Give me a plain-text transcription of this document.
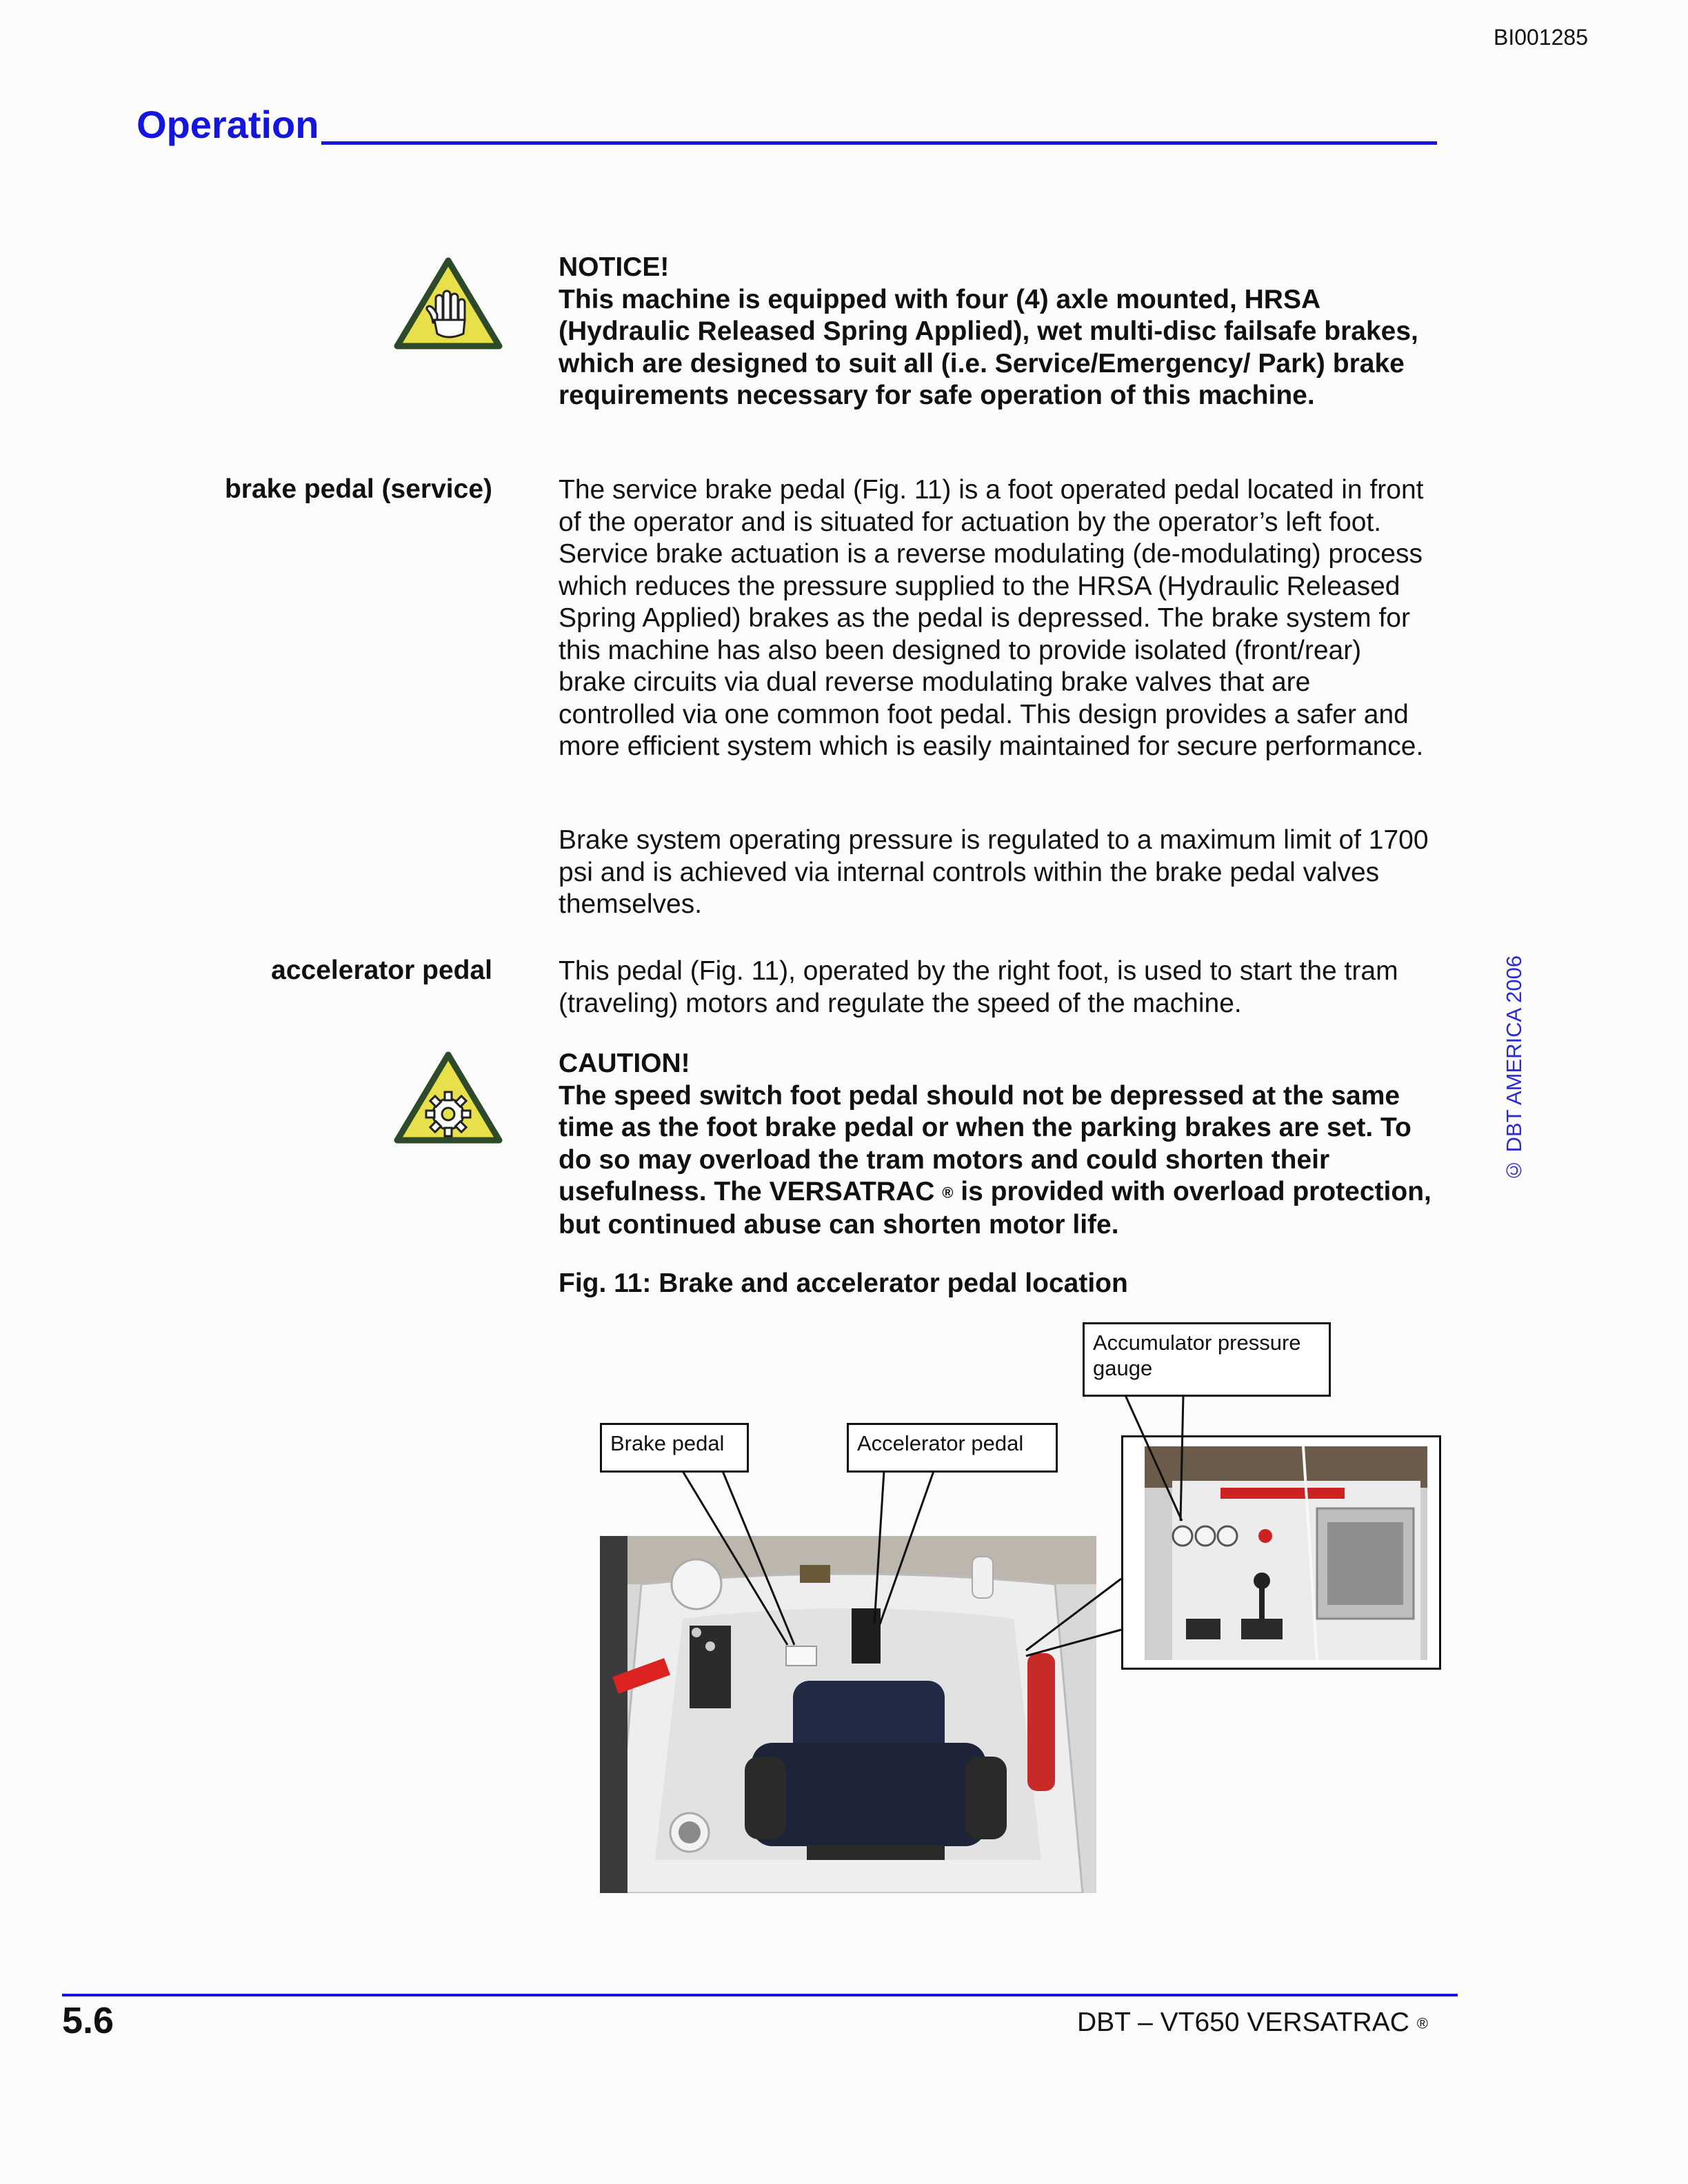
BI001285
Operation
© DBT AMERICA 2006
NOTICE!
This machine is equipped with four (4) axle mounted, HRSA (Hydraulic Released Spring Applied), wet multi-disc failsafe brakes, which are designed to suit all (i.e. Service/Emergency/ Park) brake requirements necessary for safe operation of this machine.
brake pedal (service) The service brake pedal (Fig. 11) is a foot operated pedal located in front of the operator and is situated for actuation by the operator’s left foot. Service brake actuation is a reverse modulating (de-modulating) process which reduces the pressure supplied to the HRSA (Hydraulic Released Spring Applied) brakes as the pedal is depressed. The brake system for this machine has also been designed to provide isolated (front/rear) brake circuits via dual reverse modulating brake valves that are controlled via one common foot pedal. This design provides a safer and more efficient system which is easily maintained for secure performance.
Brake system operating pressure is regulated to a maximum limit of 1700 psi and is achieved via internal controls within the brake pedal valves themselves.
accelerator pedal This pedal (Fig. 11), operated by the right foot, is used to start the tram (traveling) motors and regulate the speed of the machine.
CAUTION!
The speed switch foot pedal should not be depressed at the same time as the foot brake pedal or when the parking brakes are set. To do so may overload the tram motors and could shorten their usefulness. The VERSATRAC ® is provided with overload protection, but continued abuse can shorten motor life.
Fig. 11: Brake and accelerator pedal location
Brake pedal	Accelerator pedal
Accumulator pressure gauge
5.6	DBT – VT650 VERSATRAC ®
